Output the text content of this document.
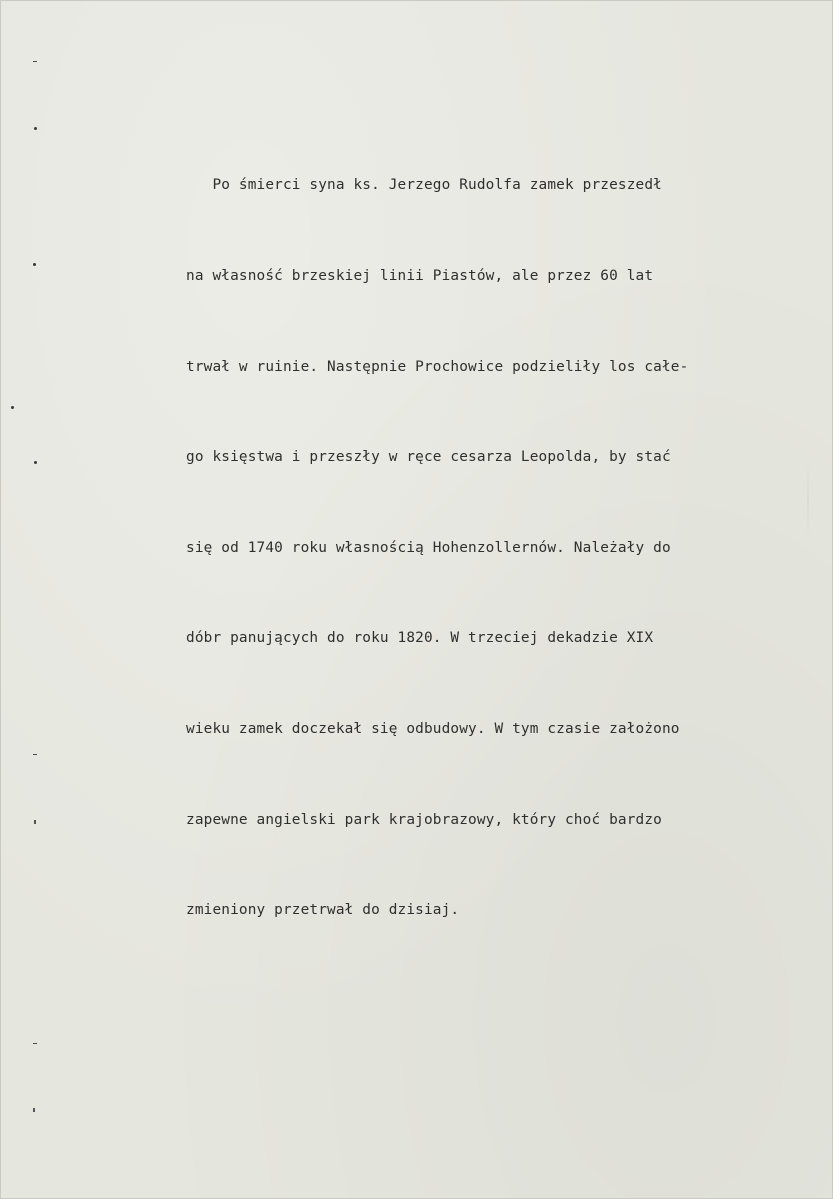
Po śmierci syna ks. Jerzego Rudolfa zamek przeszedł

na własność brzeskiej linii Piastów, ale przez 60 lat

trwał w ruinie. Następnie Prochowice podzieliły los całe-

go księstwa i przeszły w ręce cesarza Leopolda, by stać

się od 1740 roku własnością Hohenzollernów. Należały do

dóbr panujących do roku 1820. W trzeciej dekadzie XIX

wieku zamek doczekał się odbudowy. W tym czasie założono

zapewne angielski park krajobrazowy, który choć bardzo

zmieniony przetrwał do dzisiaj.
